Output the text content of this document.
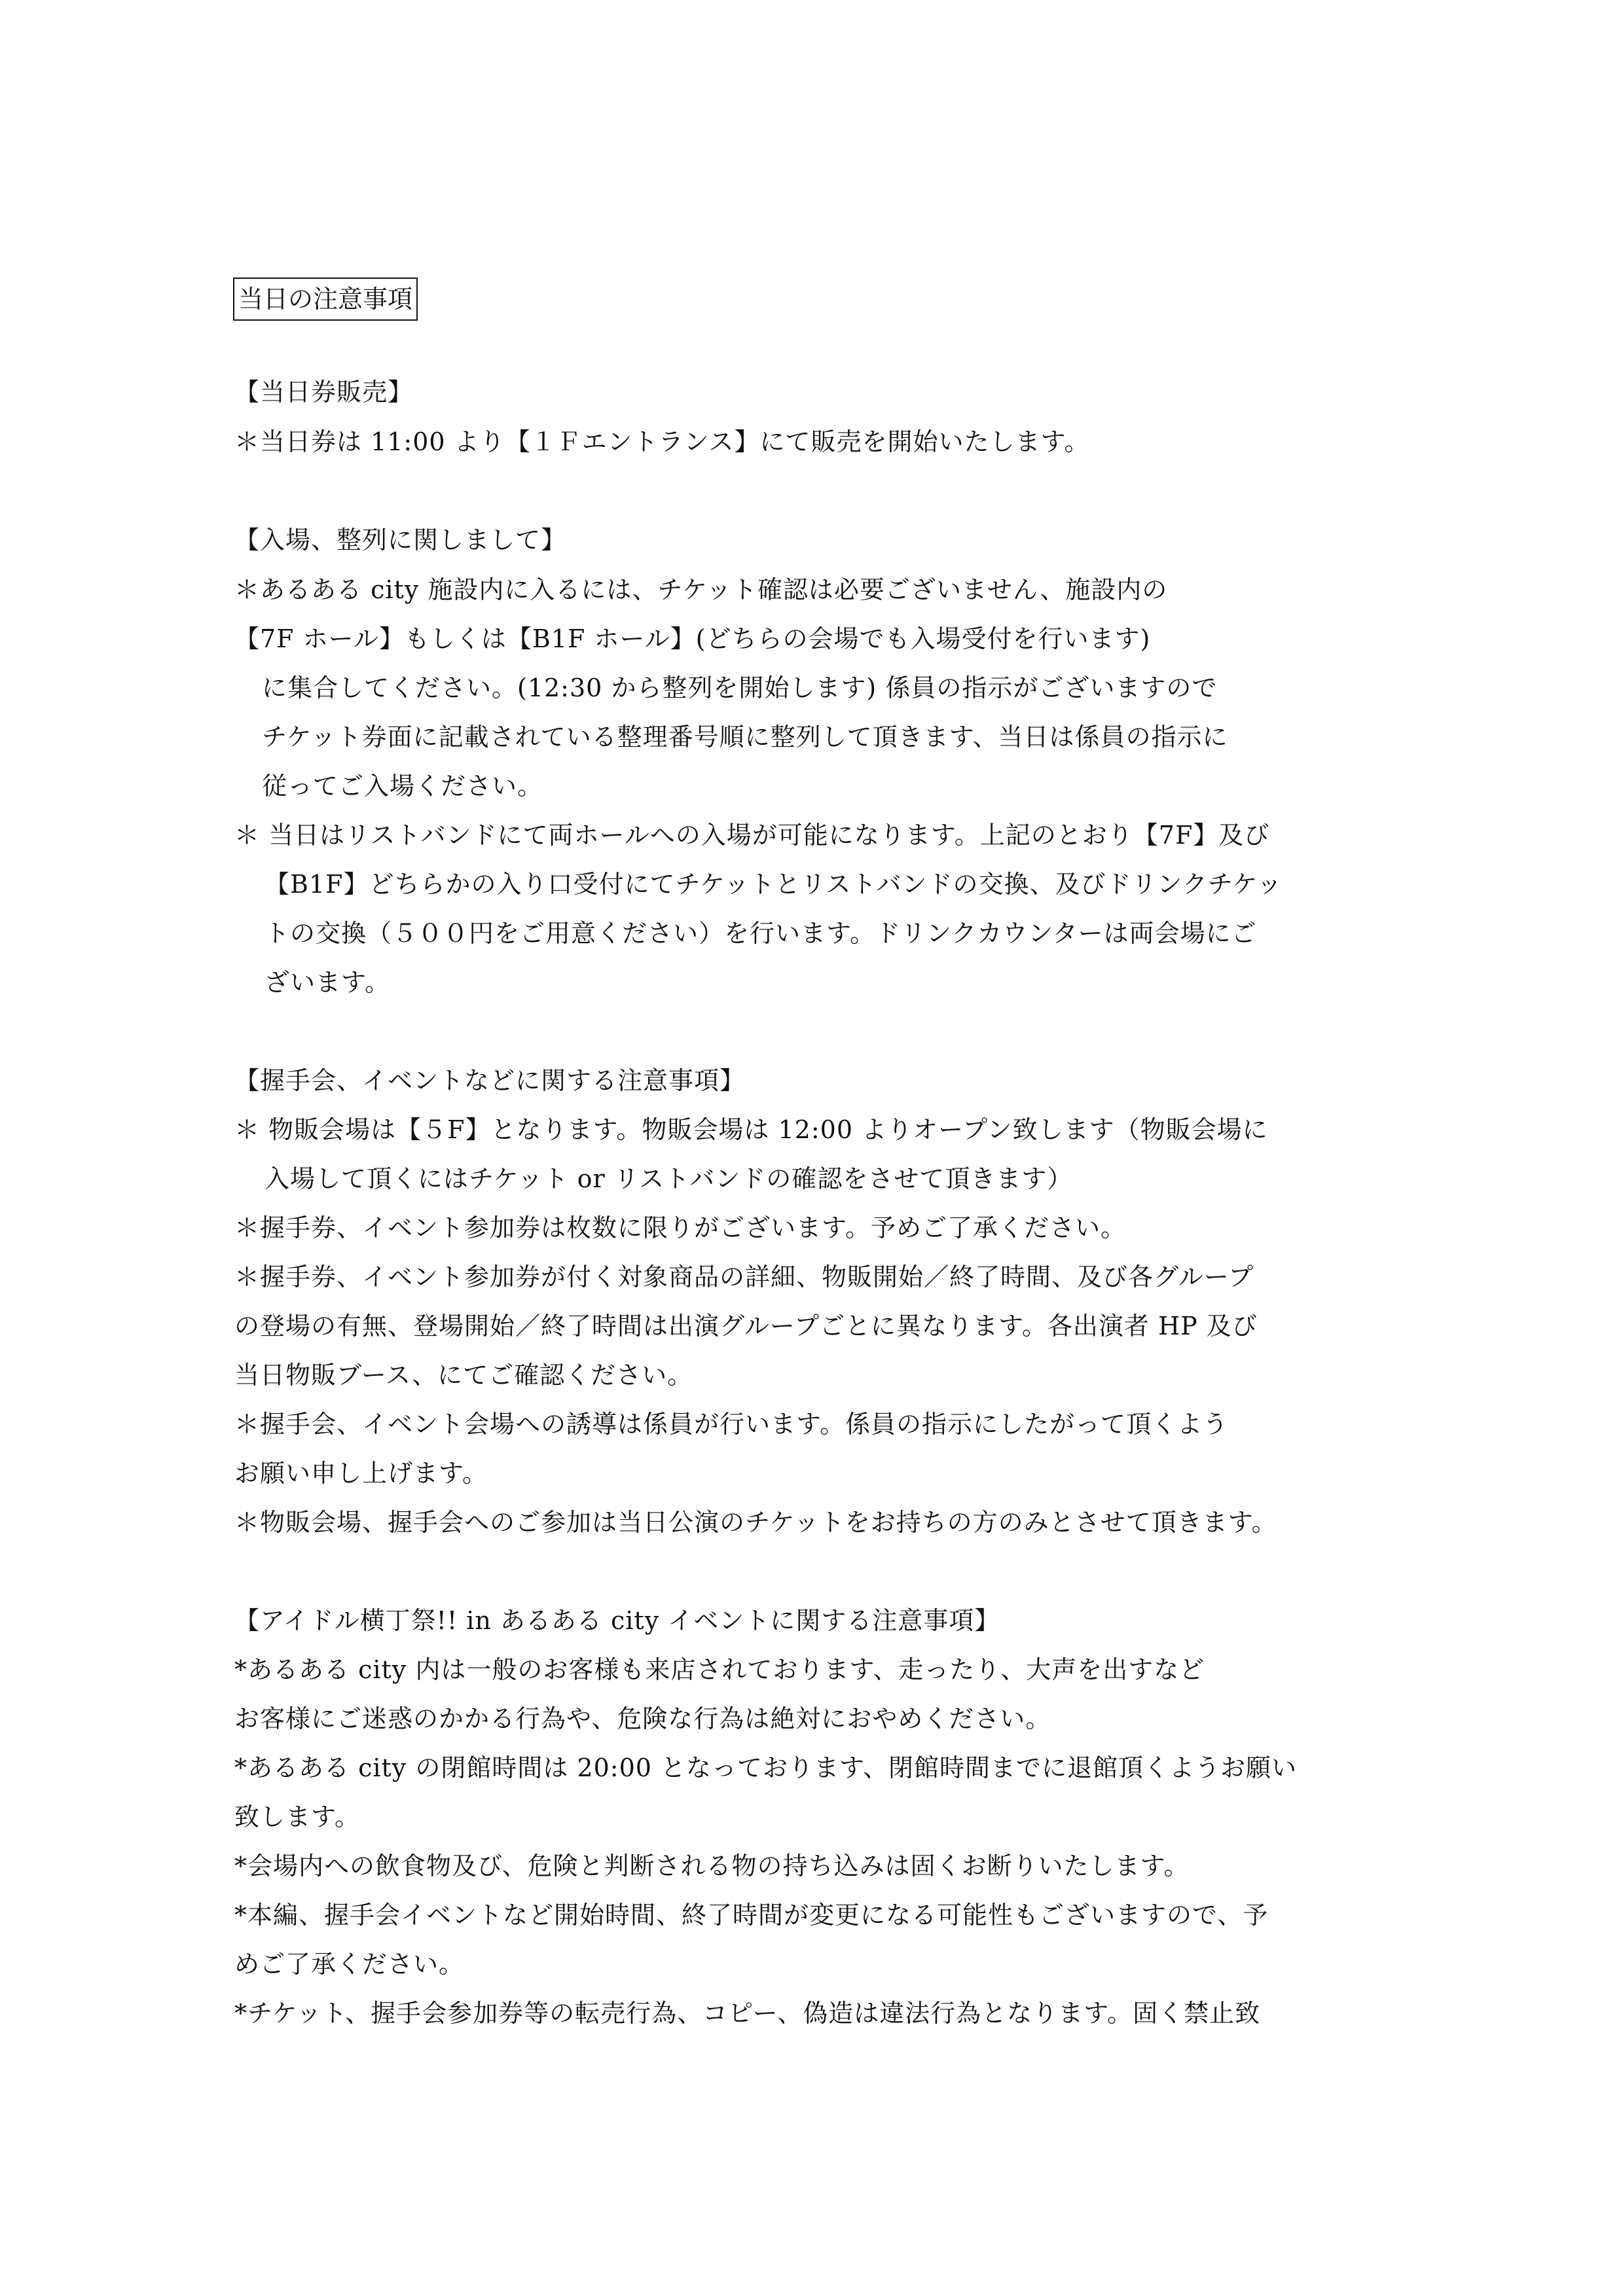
当日の注意事項
【当日券販売】
＊当日券は 11:00 より【１Ｆエントランス】にて販売を開始いたします。
【入場、整列に関しまして】
＊あるある city 施設内に入るには、チケット確認は必要ございません、施設内の
【7F ホール】もしくは【B1F ホール】(どちらの会場でも入場受付を行います)
に集合してください。(12:30 から整列を開始します) 係員の指示がございますので
チケット券面に記載されている整理番号順に整列して頂きます、当日は係員の指示に
従ってご入場ください。
＊ 当日はリストバンドにて両ホールへの入場が可能になります。上記のとおり【7F】及び
【B1F】どちらかの入り口受付にてチケットとリストバンドの交換、及びドリンクチケッ
トの交換（５００円をご用意ください）を行います。ドリンクカウンターは両会場にご
ざいます。
【握手会、イベントなどに関する注意事項】
＊ 物販会場は【５F】となります。物販会場は 12:00 よりオープン致します（物販会場に
入場して頂くにはチケット or リストバンドの確認をさせて頂きます）
＊握手券、イベント参加券は枚数に限りがございます。予めご了承ください。
＊握手券、イベント参加券が付く対象商品の詳細、物販開始／終了時間、及び各グループ
の登場の有無、登場開始／終了時間は出演グループごとに異なります。各出演者 HP 及び
当日物販ブース、にてご確認ください。
＊握手会、イベント会場への誘導は係員が行います。係員の指示にしたがって頂くよう
お願い申し上げます。
＊物販会場、握手会へのご参加は当日公演のチケットをお持ちの方のみとさせて頂きます。
【アイドル横丁祭!! in あるある city イベントに関する注意事項】
*あるある city 内は一般のお客様も来店されております、走ったり、大声を出すなど
お客様にご迷惑のかかる行為や、危険な行為は絶対におやめください。
*あるある city の閉館時間は 20:00 となっております、閉館時間までに退館頂くようお願い
致します。
*会場内への飲食物及び、危険と判断される物の持ち込みは固くお断りいたします。
*本編、握手会イベントなど開始時間、終了時間が変更になる可能性もございますので、予
めご了承ください。
*チケット、握手会参加券等の転売行為、コピー、偽造は違法行為となります。固く禁止致
